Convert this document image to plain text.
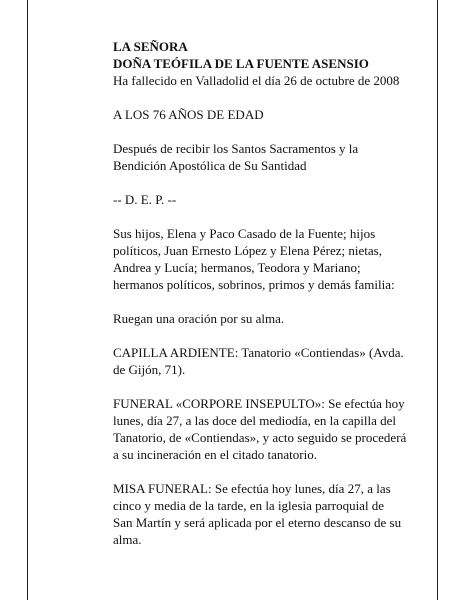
LA SEÑORA
DOÑA TEÓFILA DE LA FUENTE ASENSIO
Ha fallecido en Valladolid el día 26 de octubre de 2008
A LOS 76 AÑOS DE EDAD
Después de recibir los Santos Sacramentos y la
Bendición Apostólica de Su Santidad
-- D. E. P. --
Sus hijos, Elena y Paco Casado de la Fuente; hijos
políticos, Juan Ernesto López y Elena Pérez; nietas,
Andrea y Lucía; hermanos, Teodora y Mariano;
hermanos políticos, sobrinos, primos y demás familia:
Ruegan una oración por su alma.
CAPILLA ARDIENTE: Tanatorio «Contiendas» (Avda.
de Gijón, 71).
FUNERAL «CORPORE INSEPULTO»: Se efectúa hoy
lunes, día 27, a las doce del mediodía, en la capilla del
Tanatorio, de «Contiendas», y acto seguido se procederá
a su incineración en el citado tanatorio.
MISA FUNERAL: Se efectúa hoy lunes, día 27, a las
cinco y media de la tarde, en la iglesia parroquial de
San Martín y será aplicada por el eterno descanso de su
alma.
